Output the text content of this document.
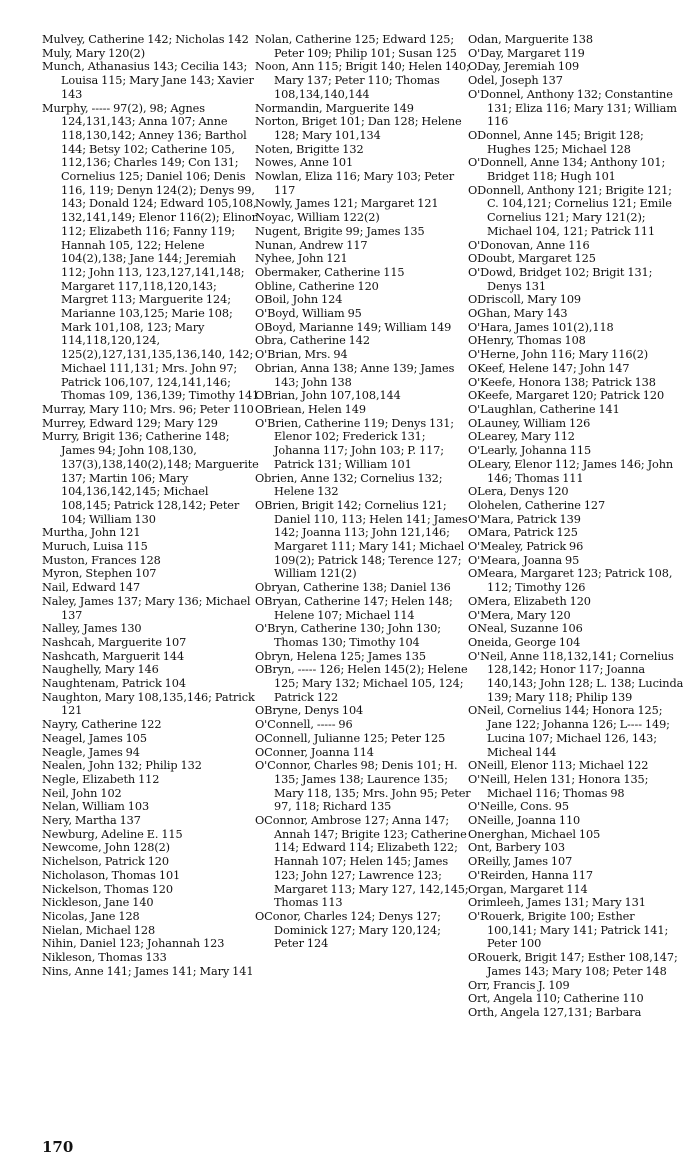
Mulvey, Catherine 142; Nicholas 142
Muly, Mary 120(2)
Munch, Athanasius 143; Cecilia 143; Louisa 115; Mary Jane 143; Xavier 143
Murphy, ----- 97(2), 98; Agnes 124,131,143; Anna 107; Anne 118,130,142; Anney 136; Barthol 144; Betsy 102; Catherine 105, 112,136; Charles 149; Con 131; Cornelius 125; Daniel 106; Denis 116, 119; Denyn 124(2); Denys 99, 143; Donald 124; Edward 105,108, 132,141,149; Elenor 116(2); Elinor 112; Elizabeth 116; Fanny 119; Hannah 105, 122; Helene 104(2),138; Jane 144; Jeremiah 112; John 113, 123,127,141,148; Margaret 117,118,120,143; Margret 113; Marguerite 124; Marianne 103,125; Marie 108; Mark 101,108, 123; Mary 114,118,120,124, 125(2),127,131,135,136,140, 142; Michael 111,131; Mrs. John 97; Patrick 106,107, 124,141,146; Thomas 109, 136,139; Timothy 141
Murray, Mary 110; Mrs. 96; Peter 110
Murrey, Edward 129; Mary 129
Murry, Brigit 136; Catherine 148; James 94; John 108,130, 137(3),138,140(2),148; Marguerite 137; Martin 106; Mary 104,136,142,145; Michael 108,145; Patrick 128,142; Peter 104; William 130
Murtha, John 121
Muruch, Luisa 115
Muston, Frances 128
Myron, Stephen 107
Nail, Edward 147
Naley, James 137; Mary 136; Michael 137
Nalley, James 130
Nashcah, Marguerite 107
Nashcath, Marguerit 144
Naughelly, Mary 146
Naughtenam, Patrick 104
Naughton, Mary 108,135,146; Patrick 121
Nayry, Catherine 122
Neagel, James 105
Neagle, James 94
Nealen, John 132; Philip 132
Negle, Elizabeth 112
Neil, John 102
Nelan, William 103
Nery, Martha 137
Newburg, Adeline E. 115
Newcome, John 128(2)
Nichelson, Patrick 120
Nicholason, Thomas 101
Nickelson, Thomas 120
Nickleson, Jane 140
Nicolas, Jane 128
Nielan, Michael 128
Nihin, Daniel 123; Johannah 123
Nikleson, Thomas 133
Nins, Anne 141; James 141; Mary 141
Nolan, Catherine 125; Edward 125; Peter 109; Philip 101; Susan 125
Noon, Ann 115; Brigit 140; Helen 140; Mary 137; Peter 110; Thomas 108,134,140,144
Normandin, Marguerite 149
Norton, Briget 101; Dan 128; Helene 128; Mary 101,134
Noten, Brigitte 132
Nowes, Anne 101
Nowlan, Eliza 116; Mary 103; Peter 117
Nowly, James 121; Margaret 121
Noyac, William 122(2)
Nugent, Brigite 99; James 135
Nunan, Andrew 117
Nyhee, John 121
Obermaker, Catherine 115
Obline, Catherine 120
OBoil, John 124
O'Boyd, William 95
OBoyd, Marianne 149; William 149
Obra, Catherine 142
O'Brian, Mrs. 94
Obrian, Anna 138; Anne 139; James 143; John 138
OBrian, John 107,108,144
OBriean, Helen 149
O'Brien, Catherine 119; Denys 131; Elenor 102; Frederick 131; Johanna 117; John 103; P. 117; Patrick 131; William 101
Obrien, Anne 132; Cornelius 132; Helene 132
OBrien, Brigit 142; Cornelius 121; Daniel 110, 113; Helen 141; James 142; Joanna 113; John 121,146; Margaret 111; Mary 141; Michael 109(2); Patrick 148; Terence 127; William 121(2)
Obryan, Catherine 138; Daniel 136
OBryan, Catherine 147; Helen 148; Helene 107; Michael 114
O'Bryn, Catherine 130; John 130; Thomas 130; Timothy 104
Obryn, Helena 125; James 135
OBryn, ----- 126; Helen 145(2); Helene 125; Mary 132; Michael 105, 124; Patrick 122
OBryne, Denys 104
O'Connell, ----- 96
OConnell, Julianne 125; Peter 125
OConner, Joanna 114
O'Connor, Charles 98; Denis 101; H. 135; James 138; Laurence 135; Mary 118, 135; Mrs. John 95; Peter 97, 118; Richard 135
OConnor, Ambrose 127; Anna 147; Annah 147; Brigite 123; Catherine 114; Edward 114; Elizabeth 122; Hannah 107; Helen 145; James 123; John 127; Lawrence 123; Margaret 113; Mary 127, 142,145; Thomas 113
OConor, Charles 124; Denys 127; Dominick 127; Mary 120,124; Peter 124
Odan, Marguerite 138
O'Day, Margaret 119
ODay, Jeremiah 109
Odel, Joseph 137
O'Donnel, Anthony 132; Constantine 131; Eliza 116; Mary 131; William 116
ODonnel, Anne 145; Brigit 128; Hughes 125; Michael 128
O'Donnell, Anne 134; Anthony 101; Bridget 118; Hugh 101
ODonnell, Anthony 121; Brigite 121; C. 104,121; Cornelius 121; Emile Cornelius 121; Mary 121(2); Michael 104, 121; Patrick 111
O'Donovan, Anne 116
ODoubt, Margaret 125
O'Dowd, Bridget 102; Brigit 131; Denys 131
ODriscoll, Mary 109
OGhan, Mary 143
O'Hara, James 101(2),118
OHenry, Thomas 108
O'Herne, John 116; Mary 116(2)
OKeef, Helene 147; John 147
O'Keefe, Honora 138; Patrick 138
OKeefe, Margaret 120; Patrick 120
O'Laughlan, Catherine 141
OLauney, William 126
OLearey, Mary 112
O'Learly, Johanna 115
OLeary, Elenor 112; James 146; John 146; Thomas 111
OLera, Denys 120
Olohelen, Catherine 127
O'Mara, Patrick 139
OMara, Patrick 125
O'Mealey, Patrick 96
O'Meara, Joanna 95
OMeara, Margaret 123; Patrick 108, 112; Timothy 126
OMera, Elizabeth 120
O'Mera, Mary 120
ONeal, Suzanne 106
Oneida, George 104
O'Neil, Anne 118,132,141; Cornelius 128,142; Honor 117; Joanna 140,143; John 128; L. 138; Lucinda 139; Mary 118; Philip 139
ONeil, Cornelius 144; Honora 125; Jane 122; Johanna 126; L---- 149; Lucina 107; Michael 126, 143; Micheal 144
ONeill, Elenor 113; Michael 122
O'Neill, Helen 131; Honora 135; Michael 116; Thomas 98
O'Neille, Cons. 95
ONeille, Joanna 110
Onerghan, Michael 105
Ont, Barbery 103
OReilly, James 107
O'Reirden, Hanna 117
Organ, Margaret 114
Orimleeh, James 131; Mary 131
O'Rouerk, Brigite 100; Esther 100,141; Mary 141; Patrick 141; Peter 100
ORouerk, Brigit 147; Esther 108,147; James 143; Mary 108; Peter 148
Orr, Francis J. 109
Ort, Angela 110; Catherine 110
Orth, Angela 127,131; Barbara
170
